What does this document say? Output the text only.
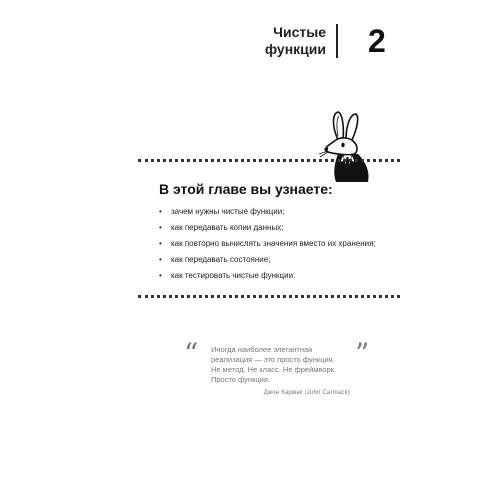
Чистые
функции 2
В этой главе вы узнаете:
• зачем нужны чистые функции;
• как передавать копии данных;
• как повторно вычислять значения вместо их хранения;
• как передавать состояние;
• как тестировать чистые функции.
“ Иногда наиболее элегантная
реализация — это просто функция.
Не метод. Не класс. Не фреймворк.
Просто функция.
”
Джон Кармак (John Carmack)
